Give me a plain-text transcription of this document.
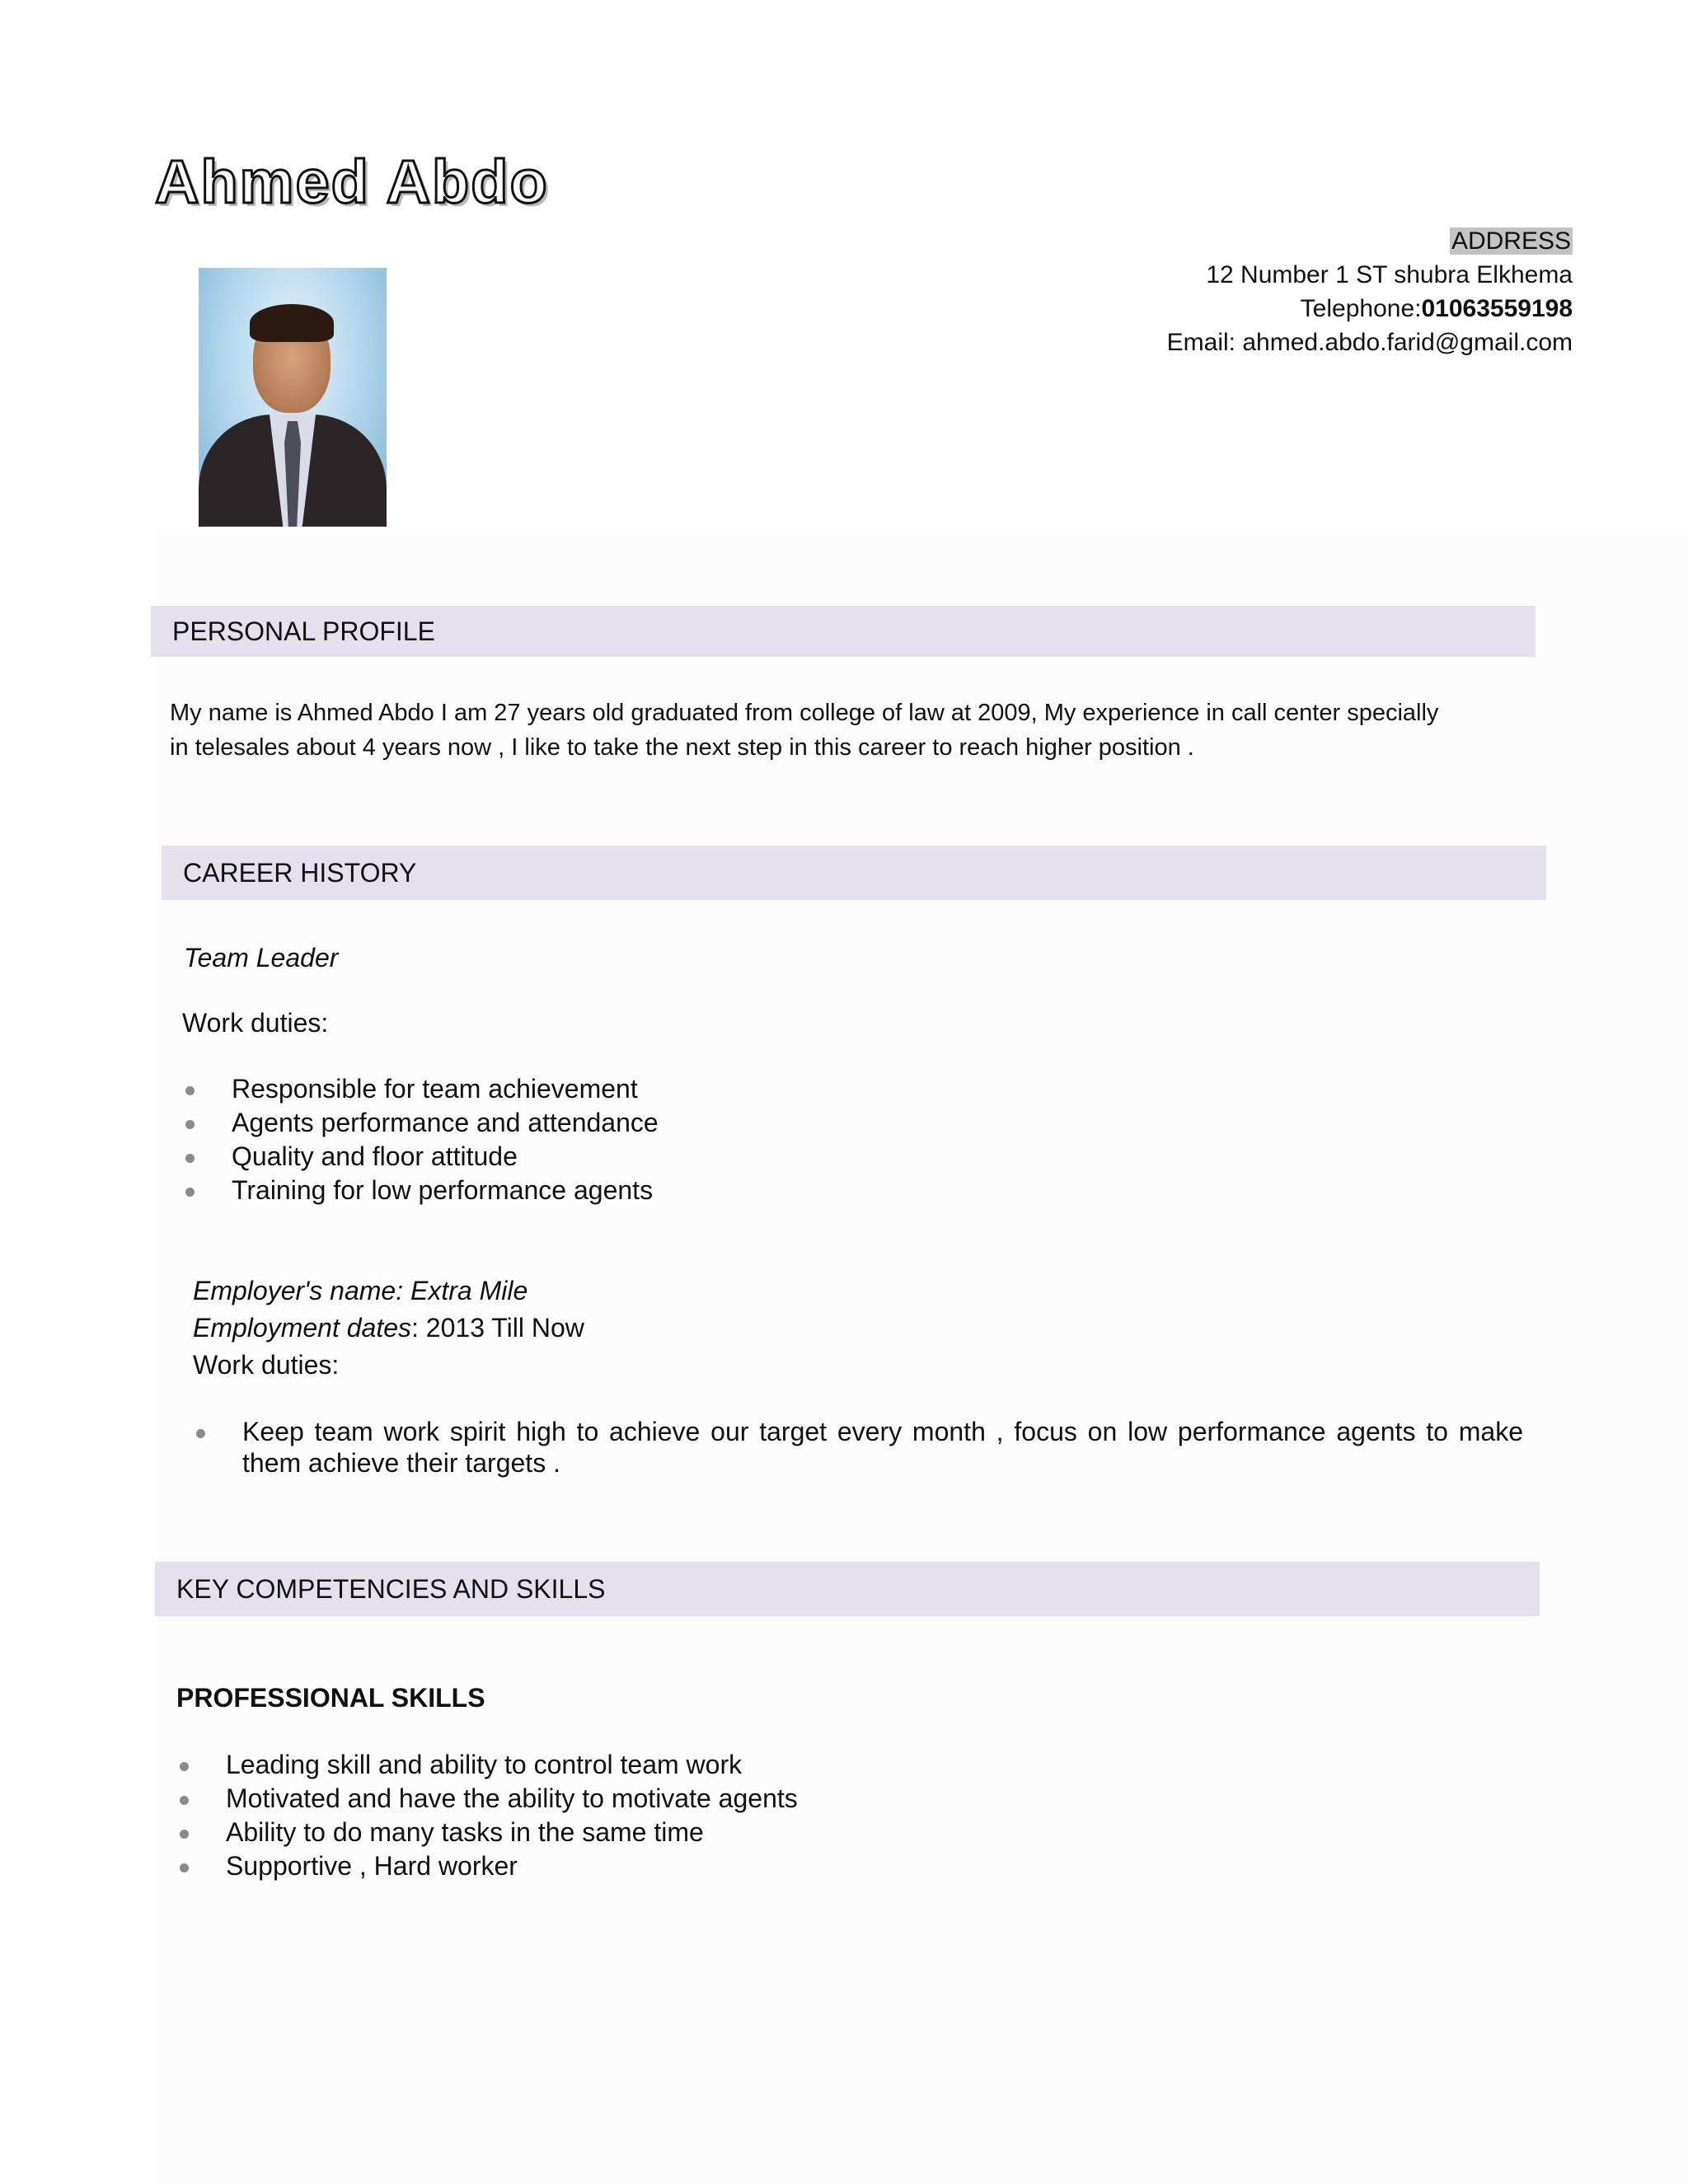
Ahmed Abdo
ADDRESS
12 Number 1 ST shubra Elkhema
Telephone:01063559198
Email: ahmed.abdo.farid@gmail.com
PERSONAL PROFILE
My name is Ahmed Abdo I am 27 years old graduated from college of law at 2009, My experience in call center specially
in telesales about 4 years now , I like to take the next step in this career to reach higher position .
CAREER HISTORY
Team Leader
Work duties:
Responsible for team achievement
Agents performance and attendance
Quality and floor attitude
Training for low performance agents
Employer's name: Extra Mile
Employment dates: 2013 Till Now
Work duties:
Keep team work spirit high to achieve our target every month , focus on low performance agents to make them achieve their targets .
KEY COMPETENCIES AND SKILLS
PROFESSIONAL SKILLS
Leading skill and ability to control team work
Motivated and have the ability to motivate agents
Ability to do many tasks in the same time
Supportive , Hard worker
